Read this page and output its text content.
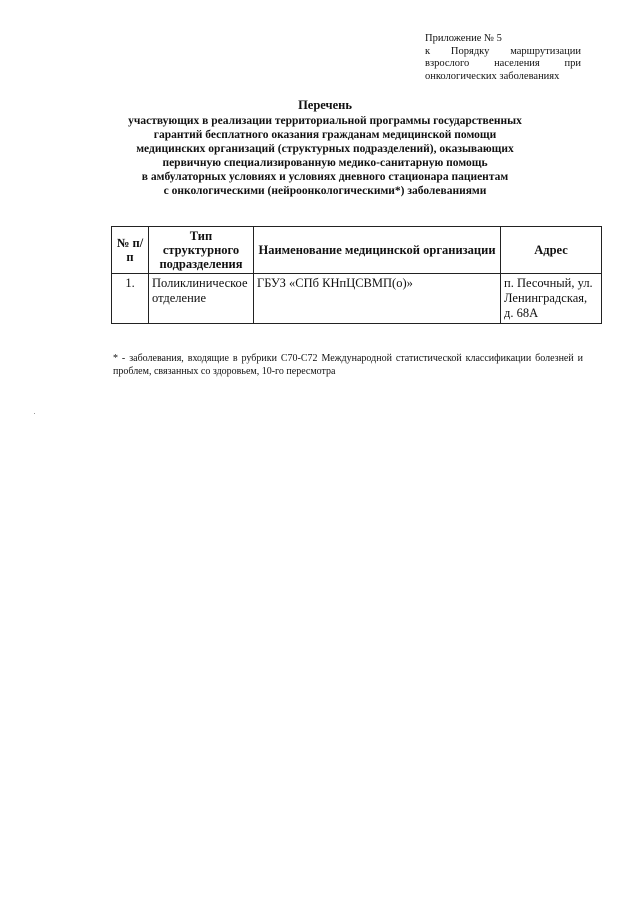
Приложение № 5
к Порядку маршрутизации
взрослого населения при
онкологических заболеваниях
Перечень
участвующих в реализации территориальной программы государственных
гарантий бесплатного оказания гражданам медицинской помощи
медицинских организаций (структурных подразделений), оказывающих
первичную специализированную медико-санитарную помощь
в амбулаторных условиях и условиях дневного стационара пациентам
с онкологическими (нейроонкологическими*) заболеваниями
№ п/п	Тип структурного подразделения	Наименование медицинской организации	Адрес
1.	Поликлиническое отделение	ГБУЗ «СПб КНпЦСВМП(о)»	п. Песочный, ул. Ленинградская, д. 68А
* - заболевания, входящие в рубрики С70-С72 Международной статистической классификации болезней и проблем, связанных со здоровьем, 10-го пересмотра
